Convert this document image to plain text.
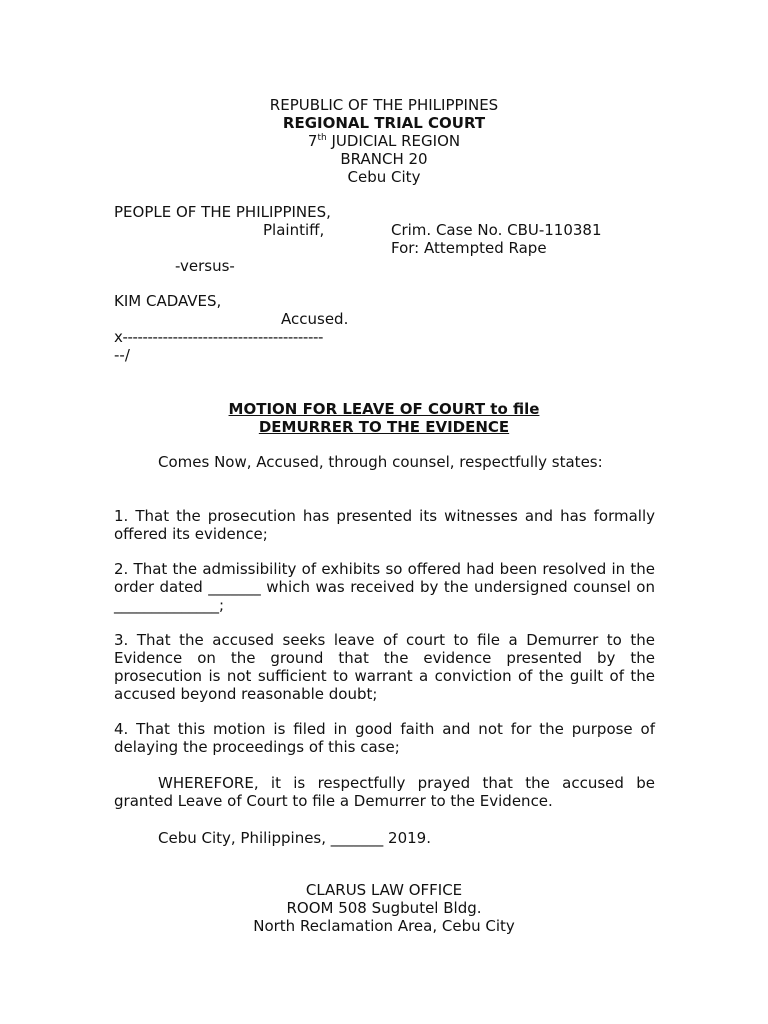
REPUBLIC OF THE PHILIPPINES
REGIONAL TRIAL COURT
7th JUDICIAL REGION
BRANCH 20
Cebu City
PEOPLE OF THE PHILIPPINES,
Plaintiff,	Crim. Case No. CBU-110381
For: Attempted Rape
-versus-
KIM CADAVES,
Accused.
x----------------------------------------
--/
MOTION FOR LEAVE OF COURT to file
DEMURRER TO THE EVIDENCE
Comes Now, Accused, through counsel, respectfully states:
1. That the prosecution has presented its witnesses and has formally offered its evidence;
2. That the admissibility of exhibits so offered had been resolved in the order dated _______ which was received by the undersigned counsel on ______________;
3. That the accused seeks leave of court to file a Demurrer to the Evidence on the ground that the evidence presented by the prosecution is not sufficient to warrant a conviction of the guilt of the accused beyond reasonable doubt;
4. That this motion is filed in good faith and not for the purpose of delaying the proceedings of this case;
WHEREFORE, it is respectfully prayed that the accused be granted Leave of Court to file a Demurrer to the Evidence.
Cebu City, Philippines, _______ 2019.
CLARUS LAW OFFICE
ROOM 508 Sugbutel Bldg.
North Reclamation Area, Cebu City
